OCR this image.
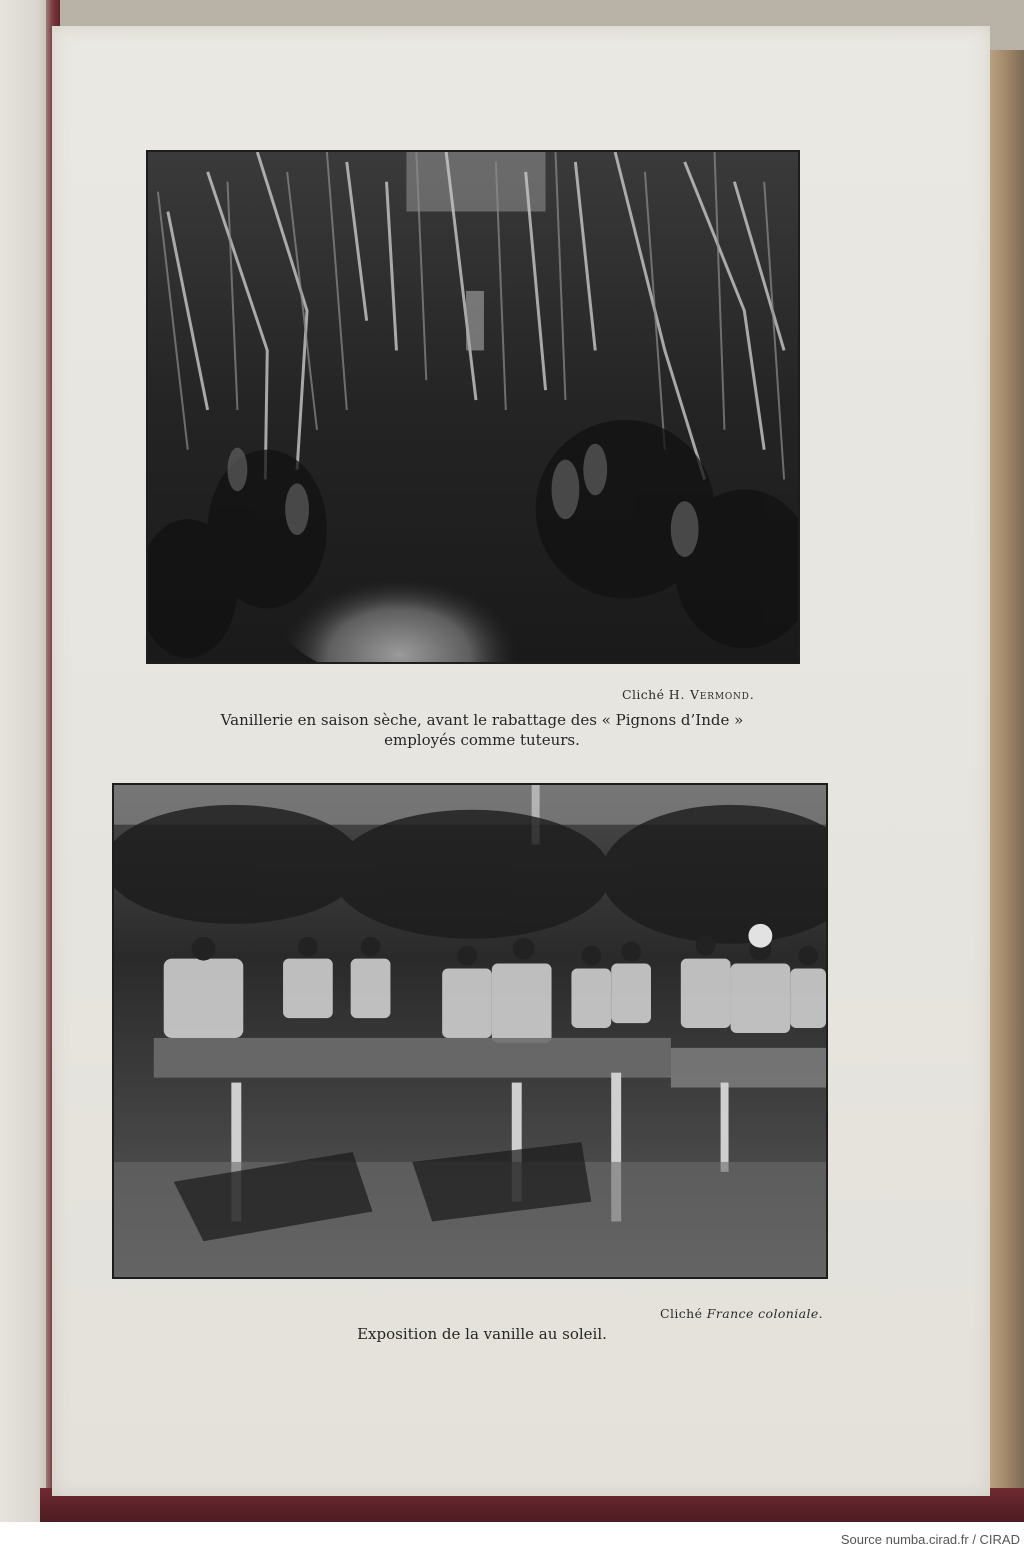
Cliché H. Vermond.
Vanillerie en saison sèche, avant le rabattage des « Pignons d’Inde »
employés comme tuteurs.
Cliché France coloniale.
Exposition de la vanille au soleil.
Source numba.cirad.fr / CIRAD
